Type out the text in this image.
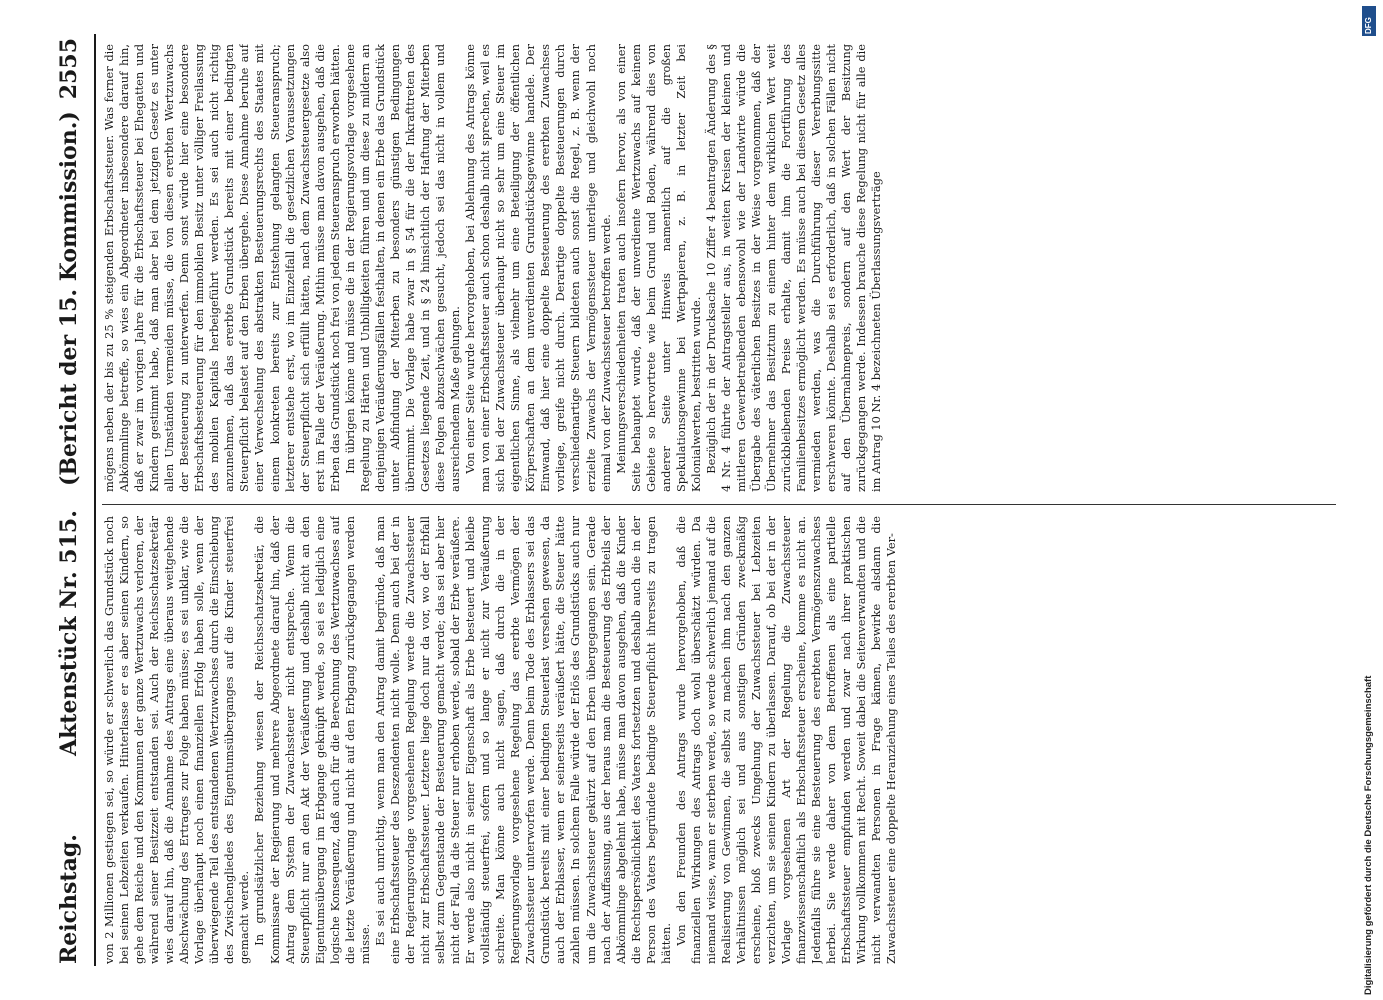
Reichstag.
Aktenstück Nr. 515.
(Bericht der 15. Kommission.)
2555

von 2 Millionen gestiegen sei, so würde er schwerlich das Grundstück noch bei seinen Lebzeiten verkaufen. Hinterlasse er es aber seinen Kindern, so gehe dem Reiche und den Kommunen der ganze Wertzuwachs verloren, der während seiner Besitzzeit entstanden sei. Auch der Reichsschatzsekretär wies darauf hin, daß die Annahme des Antrags eine überaus weitgehende Abschwächung des Ertrages zur Folge haben müsse; es sei unklar, wie die Vorlage überhaupt noch einen finanziellen Erfolg haben solle, wenn der überwiegende Teil des entstandenen Wertzuwachses durch die Einschiebung des Zwischengliedes des Eigentumsüberganges auf die Kinder steuerfrei gemacht werde. In grundsätzlicher Beziehung wiesen der Reichsschatzsekretär, die Kommissare der Regierung und mehrere Abgeordnete darauf hin, daß der Antrag dem System der Zuwachssteuer nicht entspreche. Wenn die Steuerpflicht nur an den Akt der Veräußerung und deshalb nicht an den Eigentumsübergang im Erbgange geknüpft werde, so sei es lediglich eine logische Konsequenz, daß auch für die Berechnung des Wertzuwachses auf die letzte Veräußerung und nicht auf den Erbgang zurückgegangen werden müsse. Es sei auch unrichtig, wenn man den Antrag damit begründe, daß man eine Erbschaftssteuer des Deszendenten nicht wolle. Denn auch bei der in der Regierungsvorlage vorgesehenen Regelung werde die Zuwachssteuer nicht zur Erbschaftssteuer. Letztere liege doch nur da vor, wo der Erbfall selbst zum Gegenstande der Besteuerung gemacht werde; das sei aber hier nicht der Fall, da die Steuer nur erhoben werde, sobald der Erbe veräußere. Er werde also nicht in seiner Eigenschaft als Erbe besteuert und bleibe vollständig steuerfrei, sofern und so lange er nicht zur Veräußerung schreite. Man könne auch nicht sagen, daß durch die in der Regierungsvorlage vorgesehene Regelung das ererbte Vermögen der Zuwachssteuer unterworfen werde. Denn beim Tode des Erblassers sei das Grundstück bereits mit einer bedingten Steuerlast versehen gewesen, da auch der Erblasser, wenn er seinerseits veräußert hätte, die Steuer hätte zahlen müssen. In solchem Falle würde der Erlös des Grundstücks auch nur um die Zuwachssteuer gekürzt auf den Erben übergegangen sein. Gerade nach der Auffassung, aus der heraus man die Besteuerung des Erbteils der Abkömmlinge abgelehnt habe, müsse man davon ausgehen, daß die Kinder die Rechtspersönlichkeit des Vaters fortsetzten und deshalb auch die in der Person des Vaters begründete bedingte Steuerpflicht ihrerseits zu tragen hätten. Von den Freunden des Antrags wurde hervorgehoben, daß die finanziellen Wirkungen des Antrags doch wohl überschätzt würden. Da niemand wisse, wann er sterben werde, so werde schwerlich jemand auf die Realisierung von Gewinnen, die selbst zu machen ihm nach den ganzen Verhältnissen möglich sei und aus sonstigen Gründen zweckmäßig erscheine, bloß zwecks Umgehung der Zuwachssteuer bei Lebzeiten verzichten, um sie seinen Kindern zu überlassen. Darauf, ob bei der in der Vorlage vorgesehenen Art der Regelung die Zuwachssteuer finanzwissenschaftlich als Erbschaftssteuer erscheine, komme es nicht an. Jedenfalls führe sie eine Besteuerung des ererbten Vermögenszuwachses herbei. Sie werde daher von dem Betroffenen als eine partielle Erbschaftssteuer empfunden werden und zwar nach ihrer praktischen Wirkung vollkommen mit Recht. Soweit dabei die Seitenverwandten und die nicht verwandten Personen in Frage kämen, bewirke alsdann die Zuwachssteuer eine doppelte Heranziehung eines Teiles des ererbten Ver-

mögens neben der bis zu 25 % steigenden Erbschaftssteuer. Was ferner die Abkömmlinge betreffe, so wies ein Abgeordneter insbesondere darauf hin, daß er zwar im vorigen Jahre für die Erbschaftssteuer bei Ehegatten und Kindern gestimmt habe, daß man aber bei dem jetzigen Gesetz es unter allen Umständen vermeiden müsse, die von diesen ererbten Wertzuwachs der Besteuerung zu unterwerfen. Denn sonst würde hier eine besondere Erbschaftsbesteuerung für den immobilen Besitz unter völliger Freilassung des mobilen Kapitals herbeigeführt werden. Es sei auch nicht richtig anzunehmen, daß das ererbte Grundstück bereits mit einer bedingten Steuerpflicht belastet auf den Erben übergehe. Diese Annahme beruhe auf einer Verwechselung des abstrakten Besteuerungsrechts des Staates mit einem konkreten bereits zur Entstehung gelangten Steueranspruch; letzterer entstehe erst, wo im Einzelfall die gesetzlichen Voraussetzungen der Steuerpflicht sich erfüllt hätten, nach dem Zuwachssteuergesetze also erst im Falle der Veräußerung. Mithin müsse man davon ausgehen, daß die Erben das Grundstück noch frei von jedem Steueranspruch erworben hätten. Im übrigen könne und müsse die in der Regierungsvorlage vorgesehene Regelung zu Härten und Unbilligkeiten führen und um diese zu mildern an denjenigen Veräußerungsfällen festhalten, in denen ein Erbe das Grundstück unter Abfindung der Miterben zu besonders günstigen Bedingungen übernimmt. Die Vorlage habe zwar in § 54 für die der Inkrafttreten des Gesetzes liegende Zeit, und in § 24 hinsichtlich der Haftung der Miterben diese Folgen abzuschwächen gesucht, jedoch sei das nicht in vollem und ausreichendem Maße gelungen. Von einer Seite wurde hervorgehoben, bei Ablehnung des Antrags könne man von einer Erbschaftssteuer auch schon deshalb nicht sprechen, weil es sich bei der Zuwachssteuer überhaupt nicht so sehr um eine Steuer im eigentlichen Sinne, als vielmehr um eine Beteiligung der öffentlichen Körperschaften an dem unverdienten Grundstücksgewinne handele. Der Einwand, daß hier eine doppelte Besteuerung des ererbten Zuwachses vorliege, greife nicht durch. Derartige doppelte Besteuerungen durch verschiedenartige Steuern bildeten auch sonst die Regel, z. B. wenn der erzielte Zuwachs der Vermögenssteuer unterliege und gleichwohl noch einmal von der Zuwachssteuer betroffen werde. Meinungsverschiedenheiten traten auch insofern hervor, als von einer Seite behauptet wurde, daß der unverdiente Wertzuwachs auf keinem Gebiete so hervortrete wie beim Grund und Boden, während dies von anderer Seite unter Hinweis namentlich auf die großen Spekulationsgewinne bei Wertpapieren, z. B. in letzter Zeit bei Kolonialwerten, bestritten wurde. Bezüglich der in der Drucksache 10 Ziffer 4 beantragten Änderung des § 4 Nr. 4 führte der Antragsteller aus, in weiten Kreisen der kleinen und mittleren Gewerbetreibenden ebensowohl wie der Landwirte würde die Übergabe des väterlichen Besitzes in der Weise vorgenommen, daß der Übernehmer das Besitztum zu einem hinter dem wirklichen Wert weit zurückbleibenden Preise erhalte, damit ihm die Fortführung des Familienbesitzes ermöglicht werden. Es müsse auch bei diesem Gesetz alles vermieden werden, was die Durchführung dieser Vererbungssitte erschweren könnte. Deshalb sei es erforderlich, daß in solchen Fällen nicht auf den Übernahmepreis, sondern auf den Wert der Besitzung zurückgegangen werde. Indessen brauche diese Regelung nicht für alle die im Antrag 10 Nr. 4 bezeichneten Überlassungsverträge

DFG
Digitalisierung gefördert durch die Deutsche Forschungsgemeinschaft
